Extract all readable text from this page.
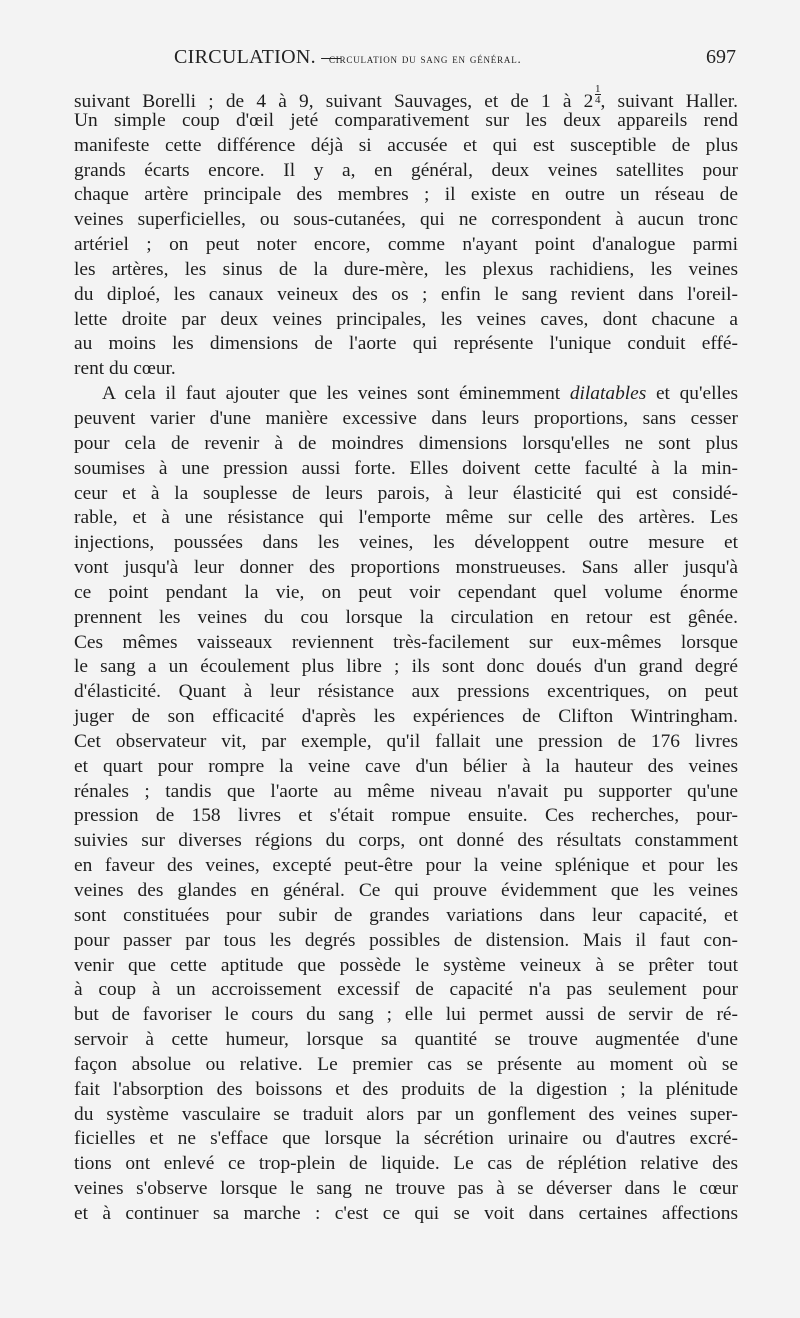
CIRCULATION. —
circulation du sang en général.	697
suivant Borelli ; de 4 à 9, suivant Sauvages, et de 1 à 2  $\frac{1}{4}$ , suivant Haller.
Un simple coup d'œil jeté comparativement sur les deux appareils rend
manifeste cette différence déjà si accusée et qui est susceptible de plus
grands écarts encore. Il y a, en général, deux veines satellites pour
chaque artère principale des membres ; il existe en outre un réseau de
veines superficielles, ou sous-cutanées, qui ne correspondent à aucun tronc
artériel ; on peut noter encore, comme n'ayant point d'analogue parmi
les artères, les sinus de la dure-mère, les plexus rachidiens, les veines
du diploé, les canaux veineux des os ; enfin le sang revient dans l'oreil-
lette droite par deux veines principales, les veines caves, dont chacune a
au moins les dimensions de l'aorte qui représente l'unique conduit effé-
rent du cœur.
A cela il faut ajouter que les veines sont éminemment dilatables et qu'elles
peuvent varier d'une manière excessive dans leurs proportions, sans cesser
pour cela de revenir à de moindres dimensions lorsqu'elles ne sont plus
soumises à une pression aussi forte. Elles doivent cette faculté à la min-
ceur et à la souplesse de leurs parois, à leur élasticité qui est considé-
rable, et à une résistance qui l'emporte même sur celle des artères. Les
injections, poussées dans les veines, les développent outre mesure et
vont jusqu'à leur donner des proportions monstrueuses. Sans aller jusqu'à
ce point pendant la vie, on peut voir cependant quel volume énorme
prennent les veines du cou lorsque la circulation en retour est gênée.
Ces mêmes vaisseaux reviennent très-facilement sur eux-mêmes lorsque
le sang a un écoulement plus libre ; ils sont donc doués d'un grand degré
d'élasticité. Quant à leur résistance aux pressions excentriques, on peut
juger de son efficacité d'après les expériences de Clifton Wintringham.
Cet observateur vit, par exemple, qu'il fallait une pression de 176 livres
et quart pour rompre la veine cave d'un bélier à la hauteur des veines
rénales ; tandis que l'aorte au même niveau n'avait pu supporter qu'une
pression de 158 livres et s'était rompue ensuite. Ces recherches, pour-
suivies sur diverses régions du corps, ont donné des résultats constamment
en faveur des veines, excepté peut-être pour la veine splénique et pour les
veines des glandes en général. Ce qui prouve évidemment que les veines
sont constituées pour subir de grandes variations dans leur capacité, et
pour passer par tous les degrés possibles de distension. Mais il faut con-
venir que cette aptitude que possède le système veineux à se prêter tout
à coup à un accroissement excessif de capacité n'a pas seulement pour
but de favoriser le cours du sang ; elle lui permet aussi de servir de ré-
servoir à cette humeur, lorsque sa quantité se trouve augmentée d'une
façon absolue ou relative. Le premier cas se présente au moment où se
fait l'absorption des boissons et des produits de la digestion ; la plénitude
du système vasculaire se traduit alors par un gonflement des veines super-
ficielles et ne s'efface que lorsque la sécrétion urinaire ou d'autres excré-
tions ont enlevé ce trop-plein de liquide. Le cas de réplétion relative des
veines s'observe lorsque le sang ne trouve pas à se déverser dans le cœur
et à continuer sa marche : c'est ce qui se voit dans certaines affections
